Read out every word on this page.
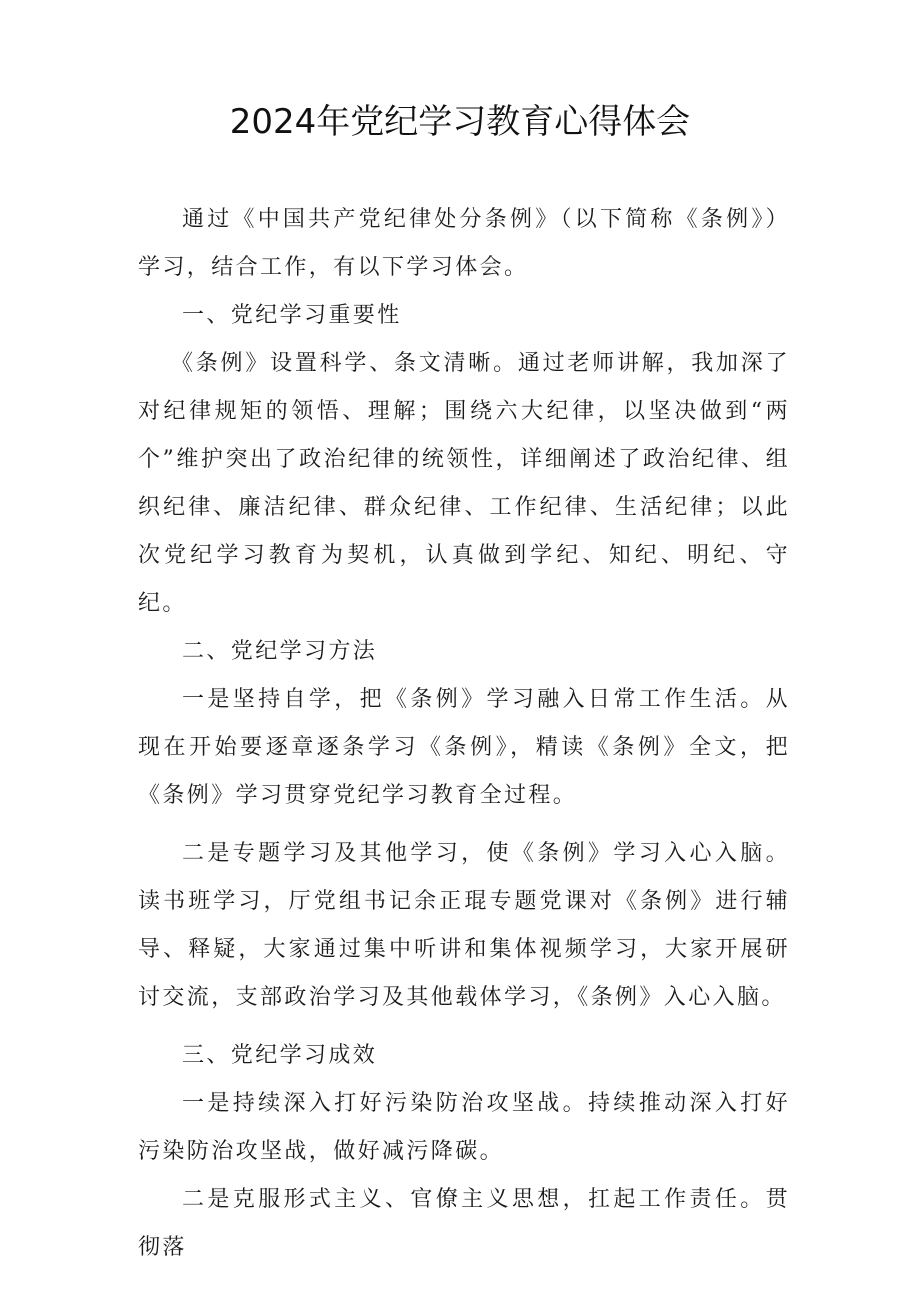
2024年党纪学习教育心得体会

通过《中国共产党纪律处分条例》（以下简称《条例》）学习，结合工作，有以下学习体会。

一、党纪学习重要性

《条例》设置科学、条文清晰。通过老师讲解，我加深了对纪律规矩的领悟、理解；围绕六大纪律，以坚决做到“两个”维护突出了政治纪律的统领性，详细阐述了政治纪律、组织纪律、廉洁纪律、群众纪律、工作纪律、生活纪律；以此次党纪学习教育为契机，认真做到学纪、知纪、明纪、守纪。

二、党纪学习方法

一是坚持自学，把《条例》学习融入日常工作生活。从现在开始要逐章逐条学习《条例》，精读《条例》全文，把《条例》学习贯穿党纪学习教育全过程。

二是专题学习及其他学习，使《条例》学习入心入脑。读书班学习，厅党组书记余正琨专题党课对《条例》进行辅导、释疑，大家通过集中听讲和集体视频学习，大家开展研讨交流，支部政治学习及其他载体学习，《条例》入心入脑。

三、党纪学习成效

一是持续深入打好污染防治攻坚战。持续推动深入打好污染防治攻坚战，做好减污降碳。

二是克服形式主义、官僚主义思想，扛起工作责任。贯彻落
